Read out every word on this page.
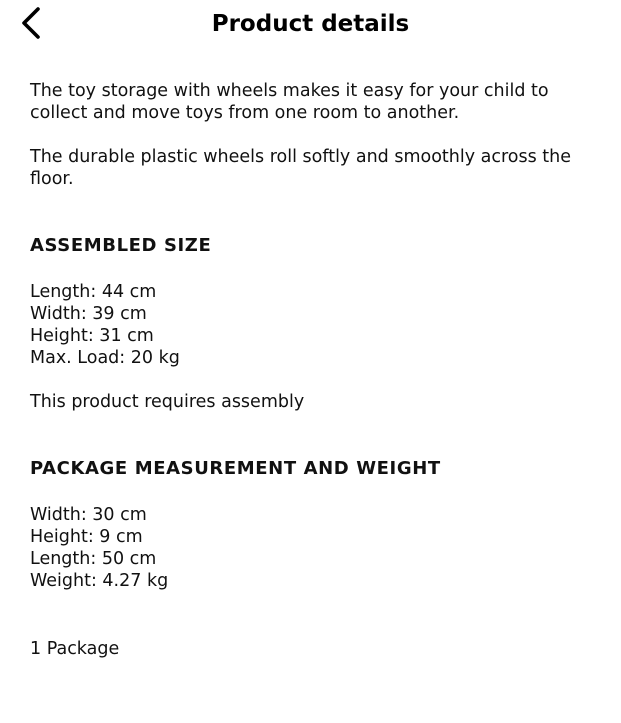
Product details

The toy storage with wheels makes it easy for your child to collect and move toys from one room to another.

The durable plastic wheels roll softly and smoothly across the floor.

ASSEMBLED SIZE
Length: 44 cm
Width: 39 cm
Height: 31 cm
Max. Load: 20 kg

This product requires assembly

PACKAGE MEASUREMENT AND WEIGHT
Width: 30 cm
Height: 9 cm
Length: 50 cm
Weight: 4.27 kg

1 Package
